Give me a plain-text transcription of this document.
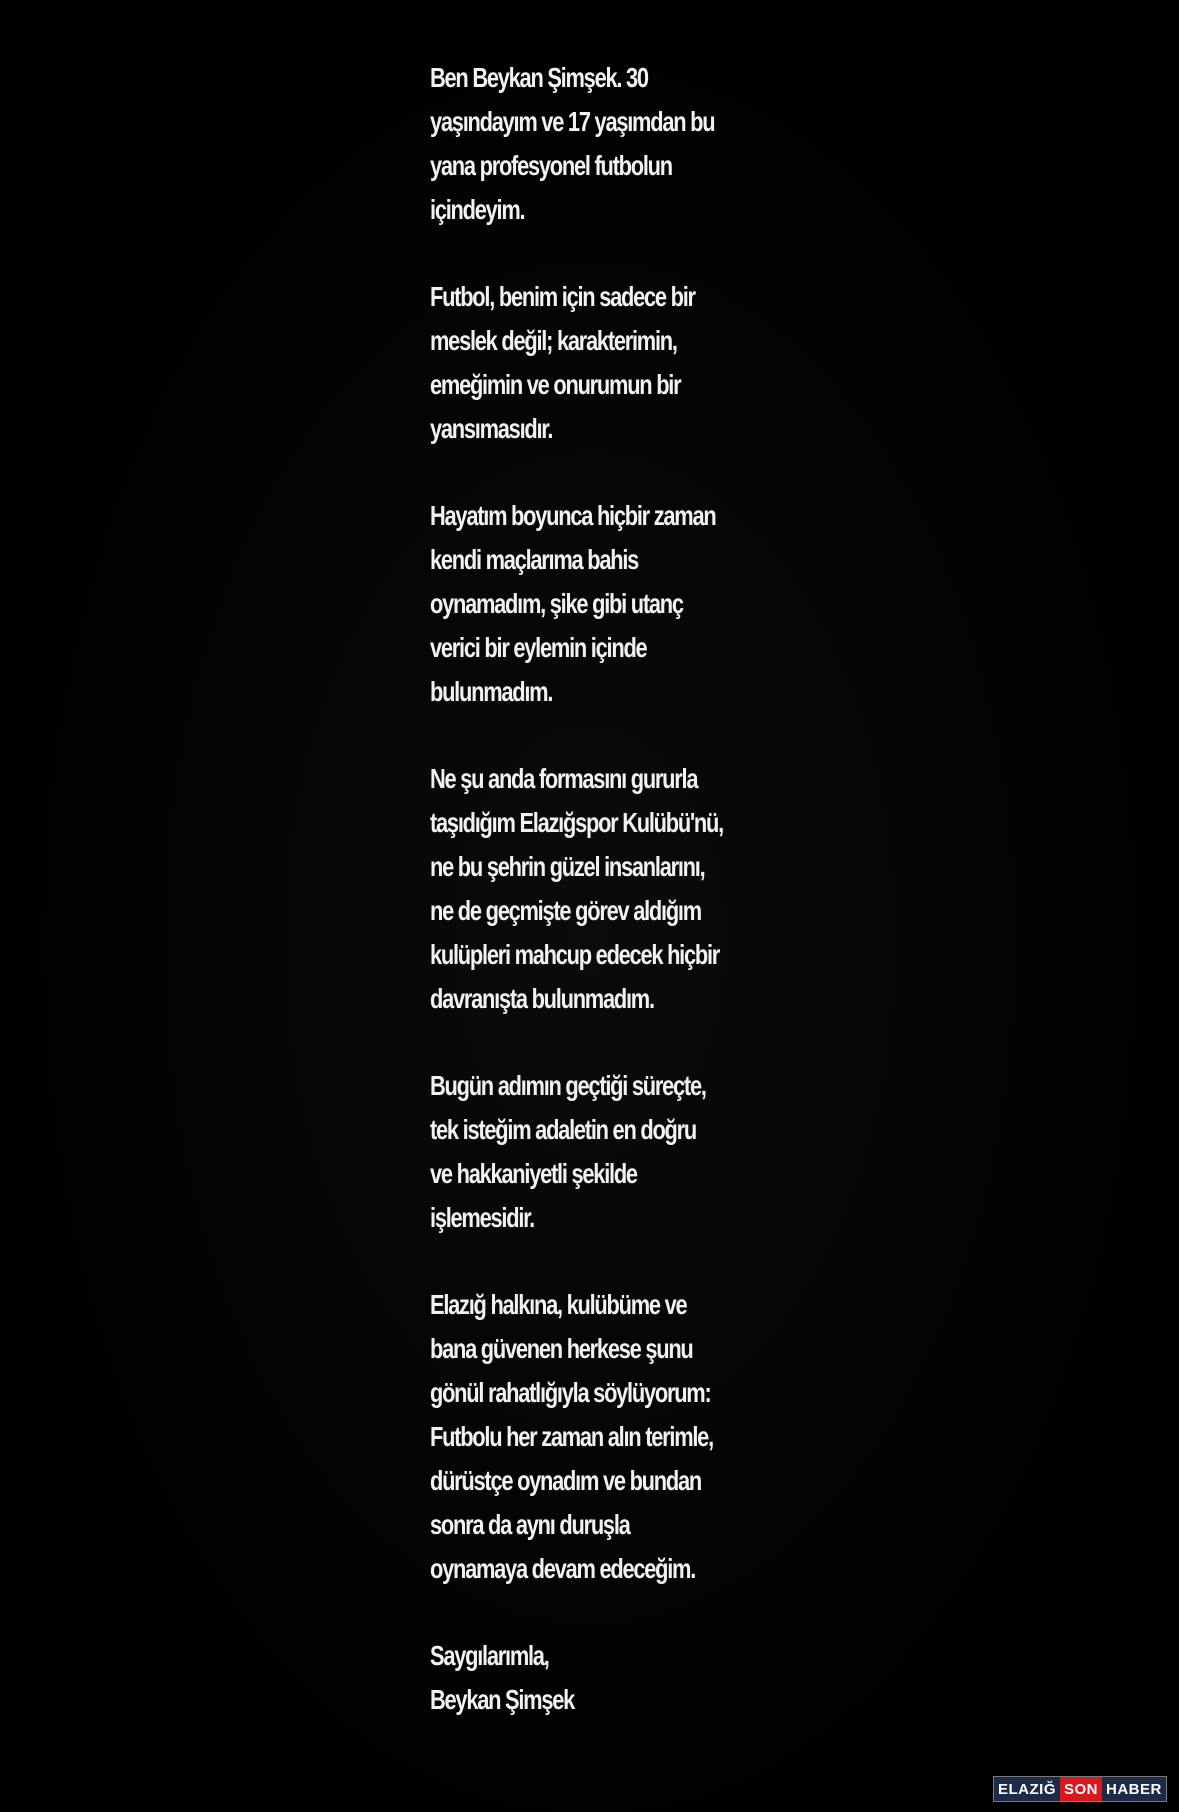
Ben Beykan Şimşek. 30
yaşındayım ve 17 yaşımdan bu
yana profesyonel futbolun
içindeyim.
Futbol, benim için sadece bir
meslek değil; karakterimin,
emeğimin ve onurumun bir
yansımasıdır.
Hayatım boyunca hiçbir zaman
kendi maçlarıma bahis
oynamadım, şike gibi utanç
verici bir eylemin içinde
bulunmadım.
Ne şu anda formasını gururla
taşıdığım Elazığspor Kulübü'nü,
ne bu şehrin güzel insanlarını,
ne de geçmişte görev aldığım
kulüpleri mahcup edecek hiçbir
davranışta bulunmadım.
Bugün adımın geçtiği süreçte,
tek isteğim adaletin en doğru
ve hakkaniyetli şekilde
işlemesidir.
Elazığ halkına, kulübüme ve
bana güvenen herkese şunu
gönül rahatlığıyla söylüyorum:
Futbolu her zaman alın terimle,
dürüstçe oynadım ve bundan
sonra da aynı duruşla
oynamaya devam edeceğim.
Saygılarımla,
Beykan Şimşek
ELAZIĞ SON HABER
